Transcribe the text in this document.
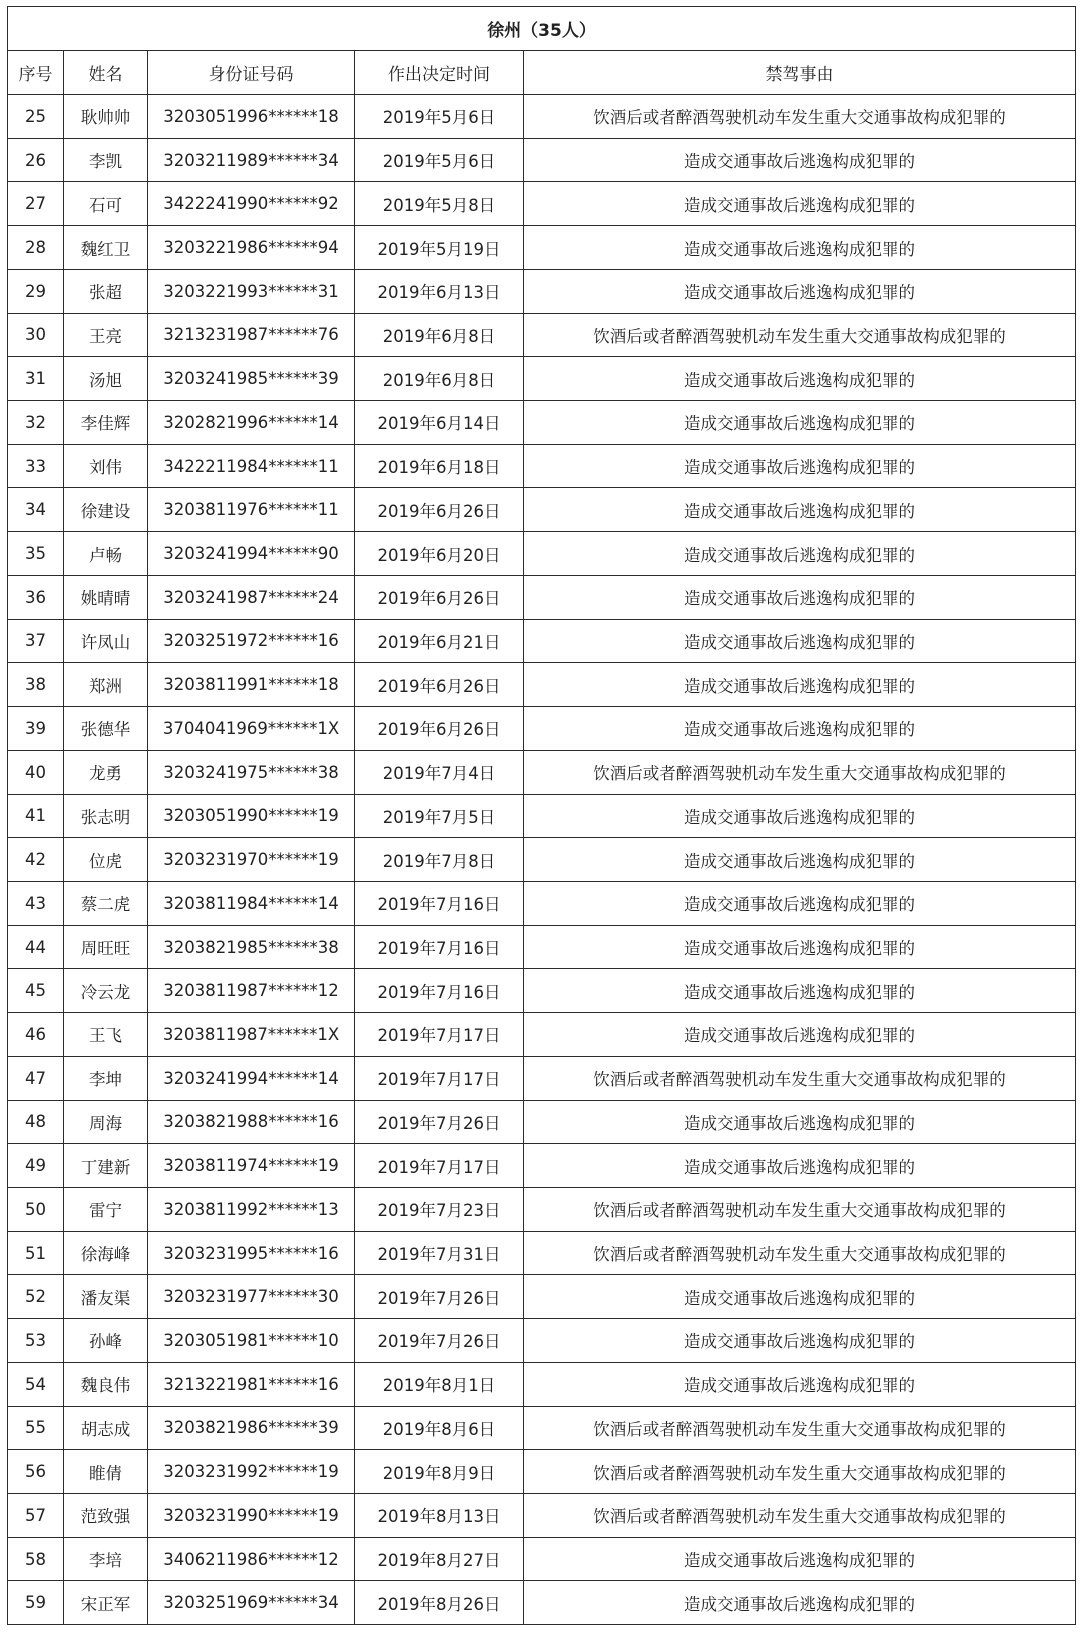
徐州（35人）				
序号	姓名	身份证号码	作出决定时间	禁驾事由
25	耿帅帅	3203051996******18	2019年5月6日	饮酒后或者醉酒驾驶机动车发生重大交通事故构成犯罪的
26	李凯	3203211989******34	2019年5月6日	造成交通事故后逃逸构成犯罪的
27	石可	3422241990******92	2019年5月8日	造成交通事故后逃逸构成犯罪的
28	魏红卫	3203221986******94	2019年5月19日	造成交通事故后逃逸构成犯罪的
29	张超	3203221993******31	2019年6月13日	造成交通事故后逃逸构成犯罪的
30	王亮	3213231987******76	2019年6月8日	饮酒后或者醉酒驾驶机动车发生重大交通事故构成犯罪的
31	汤旭	3203241985******39	2019年6月8日	造成交通事故后逃逸构成犯罪的
32	李佳辉	3202821996******14	2019年6月14日	造成交通事故后逃逸构成犯罪的
33	刘伟	3422211984******11	2019年6月18日	造成交通事故后逃逸构成犯罪的
34	徐建设	3203811976******11	2019年6月26日	造成交通事故后逃逸构成犯罪的
35	卢畅	3203241994******90	2019年6月20日	造成交通事故后逃逸构成犯罪的
36	姚晴晴	3203241987******24	2019年6月26日	造成交通事故后逃逸构成犯罪的
37	许凤山	3203251972******16	2019年6月21日	造成交通事故后逃逸构成犯罪的
38	郑洲	3203811991******18	2019年6月26日	造成交通事故后逃逸构成犯罪的
39	张德华	3704041969******1X	2019年6月26日	造成交通事故后逃逸构成犯罪的
40	龙勇	3203241975******38	2019年7月4日	饮酒后或者醉酒驾驶机动车发生重大交通事故构成犯罪的
41	张志明	3203051990******19	2019年7月5日	造成交通事故后逃逸构成犯罪的
42	位虎	3203231970******19	2019年7月8日	造成交通事故后逃逸构成犯罪的
43	蔡二虎	3203811984******14	2019年7月16日	造成交通事故后逃逸构成犯罪的
44	周旺旺	3203821985******38	2019年7月16日	造成交通事故后逃逸构成犯罪的
45	冷云龙	3203811987******12	2019年7月16日	造成交通事故后逃逸构成犯罪的
46	王飞	3203811987******1X	2019年7月17日	造成交通事故后逃逸构成犯罪的
47	李坤	3203241994******14	2019年7月17日	饮酒后或者醉酒驾驶机动车发生重大交通事故构成犯罪的
48	周海	3203821988******16	2019年7月26日	造成交通事故后逃逸构成犯罪的
49	丁建新	3203811974******19	2019年7月17日	造成交通事故后逃逸构成犯罪的
50	雷宁	3203811992******13	2019年7月23日	饮酒后或者醉酒驾驶机动车发生重大交通事故构成犯罪的
51	徐海峰	3203231995******16	2019年7月31日	饮酒后或者醉酒驾驶机动车发生重大交通事故构成犯罪的
52	潘友渠	3203231977******30	2019年7月26日	造成交通事故后逃逸构成犯罪的
53	孙峰	3203051981******10	2019年7月26日	造成交通事故后逃逸构成犯罪的
54	魏良伟	3213221981******16	2019年8月1日	造成交通事故后逃逸构成犯罪的
55	胡志成	3203821986******39	2019年8月6日	饮酒后或者醉酒驾驶机动车发生重大交通事故构成犯罪的
56	睢倩	3203231992******19	2019年8月9日	饮酒后或者醉酒驾驶机动车发生重大交通事故构成犯罪的
57	范致强	3203231990******19	2019年8月13日	饮酒后或者醉酒驾驶机动车发生重大交通事故构成犯罪的
58	李培	3406211986******12	2019年8月27日	造成交通事故后逃逸构成犯罪的
59	宋正军	3203251969******34	2019年8月26日	造成交通事故后逃逸构成犯罪的
